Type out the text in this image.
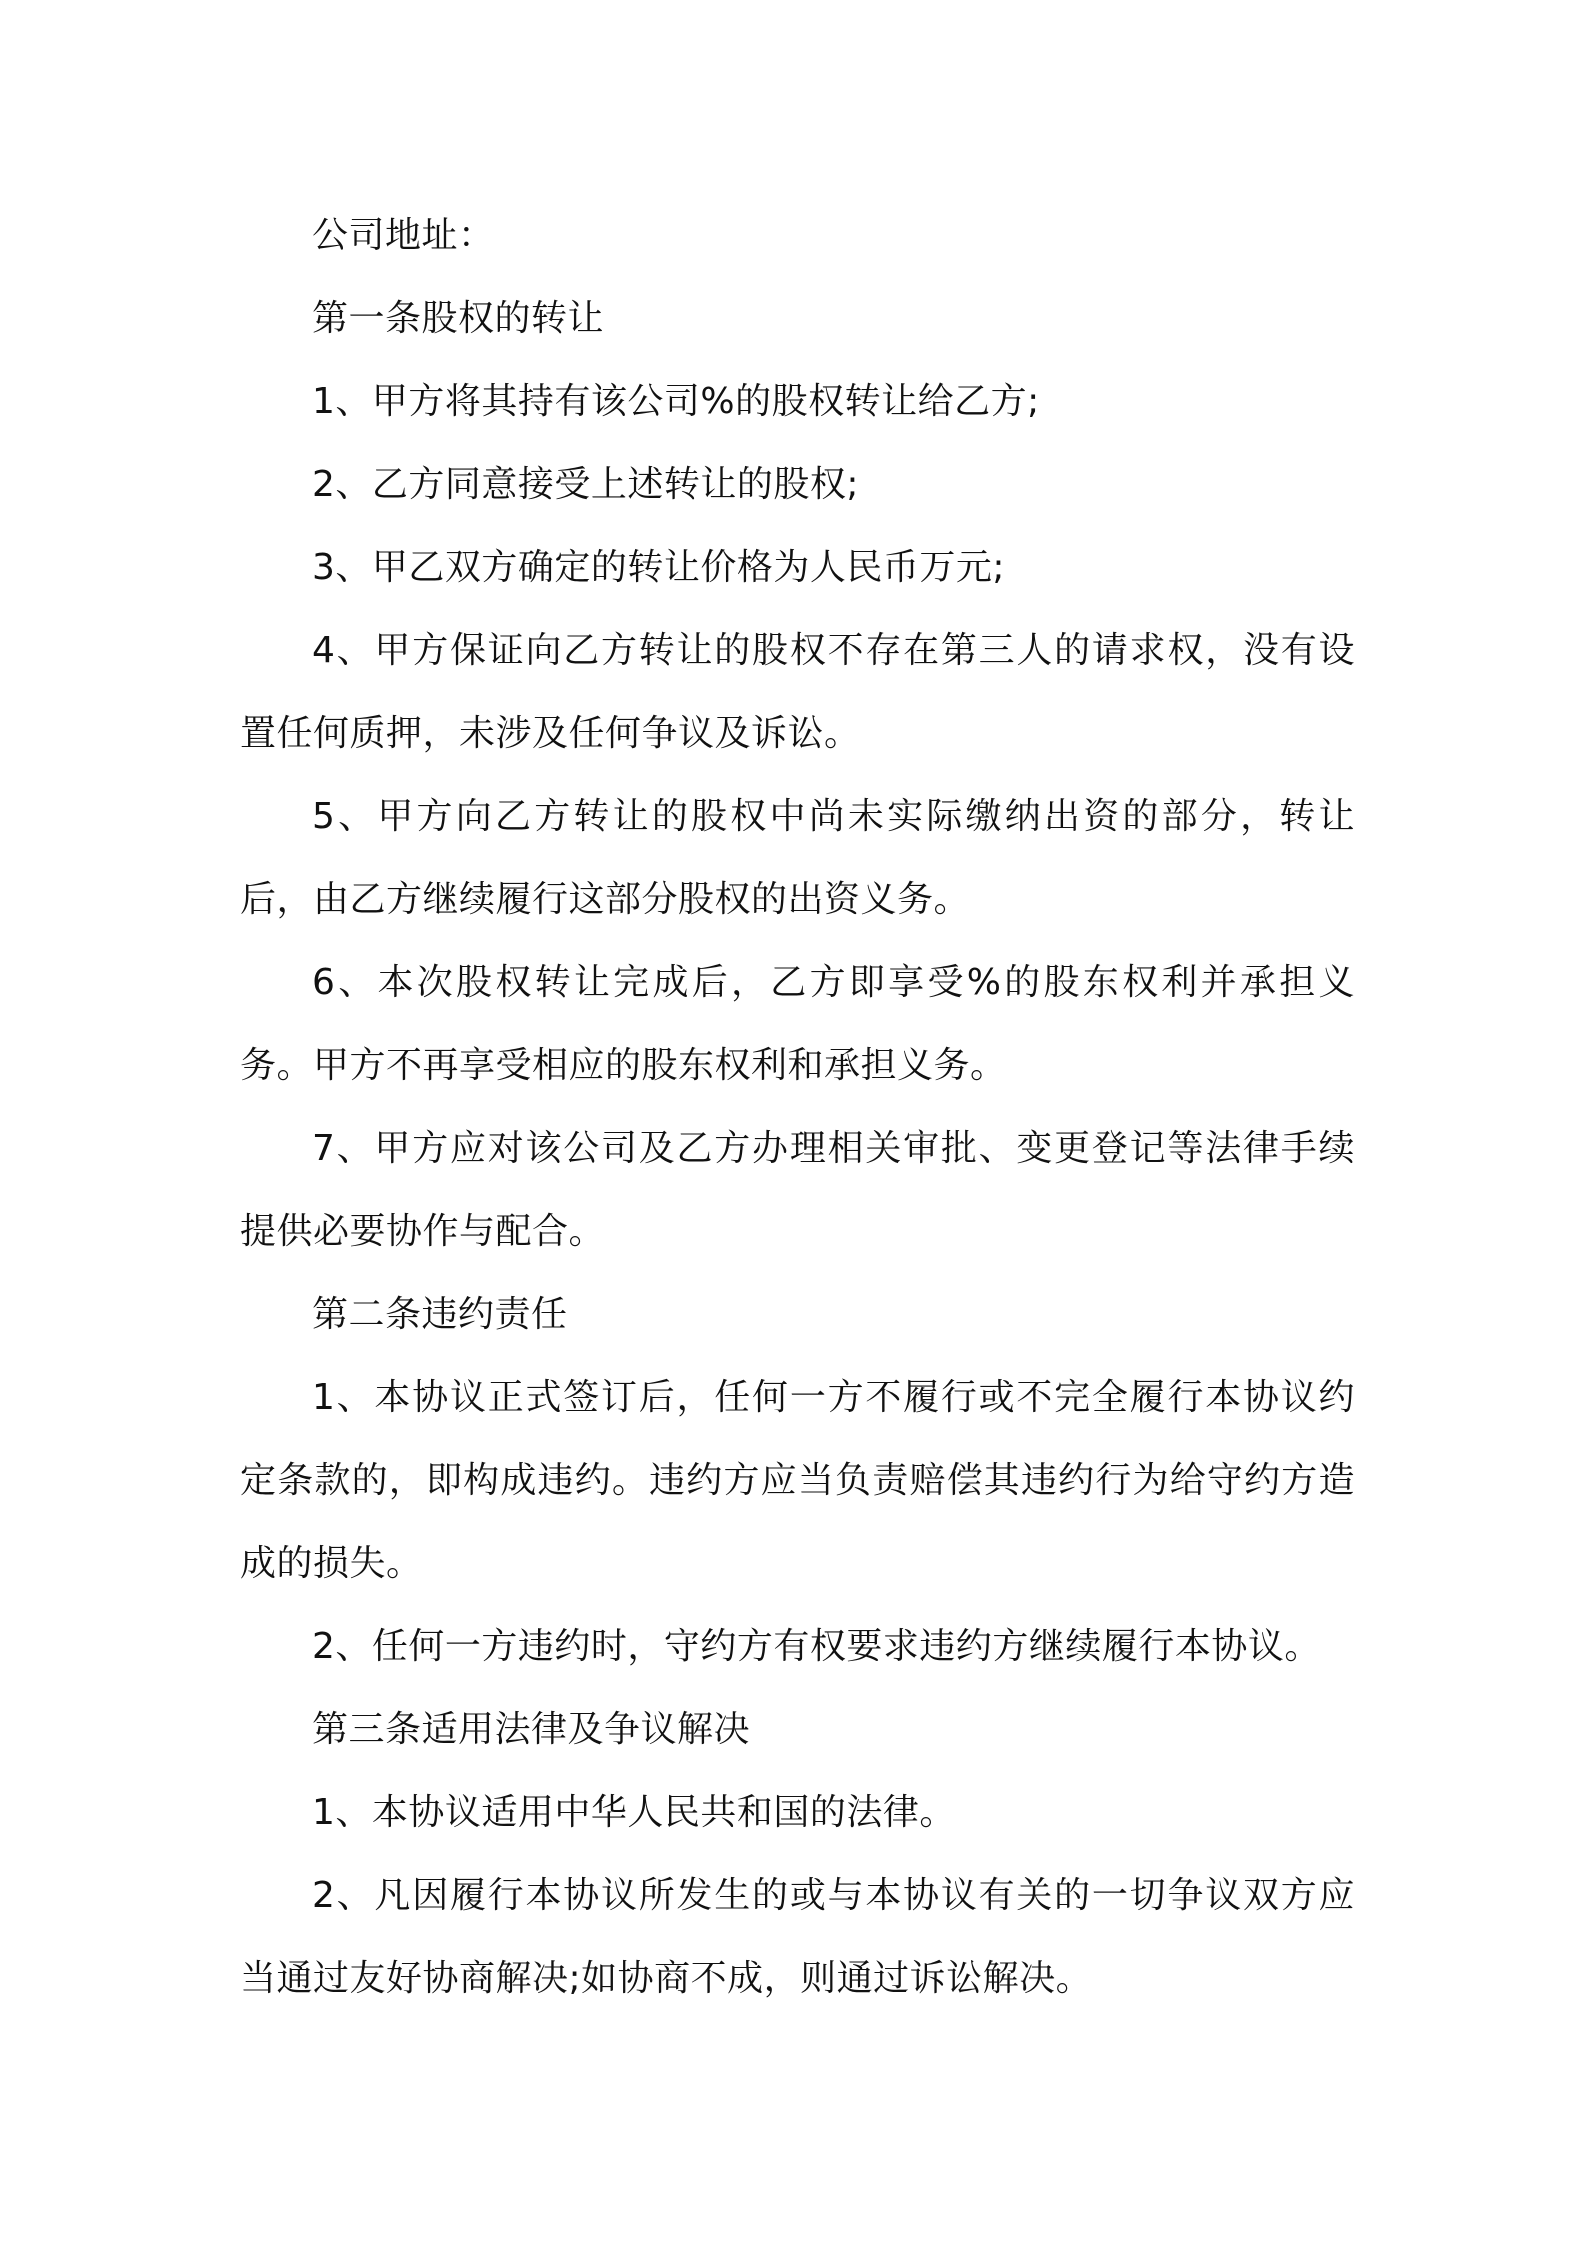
公司地址：

第一条股权的转让

1、甲方将其持有该公司%的股权转让给乙方;

2、乙方同意接受上述转让的股权;

3、甲乙双方确定的转让价格为人民币万元;

4、甲方保证向乙方转让的股权不存在第三人的请求权，没有设置任何质押，未涉及任何争议及诉讼。

5、甲方向乙方转让的股权中尚未实际缴纳出资的部分，转让后，由乙方继续履行这部分股权的出资义务。

6、本次股权转让完成后，乙方即享受%的股东权利并承担义务。甲方不再享受相应的股东权利和承担义务。

7、甲方应对该公司及乙方办理相关审批、变更登记等法律手续提供必要协作与配合。

第二条违约责任

1、本协议正式签订后，任何一方不履行或不完全履行本协议约定条款的，即构成违约。违约方应当负责赔偿其违约行为给守约方造成的损失。

2、任何一方违约时，守约方有权要求违约方继续履行本协议。

第三条适用法律及争议解决

1、本协议适用中华人民共和国的法律。

2、凡因履行本协议所发生的或与本协议有关的一切争议双方应当通过友好协商解决;如协商不成，则通过诉讼解决。
